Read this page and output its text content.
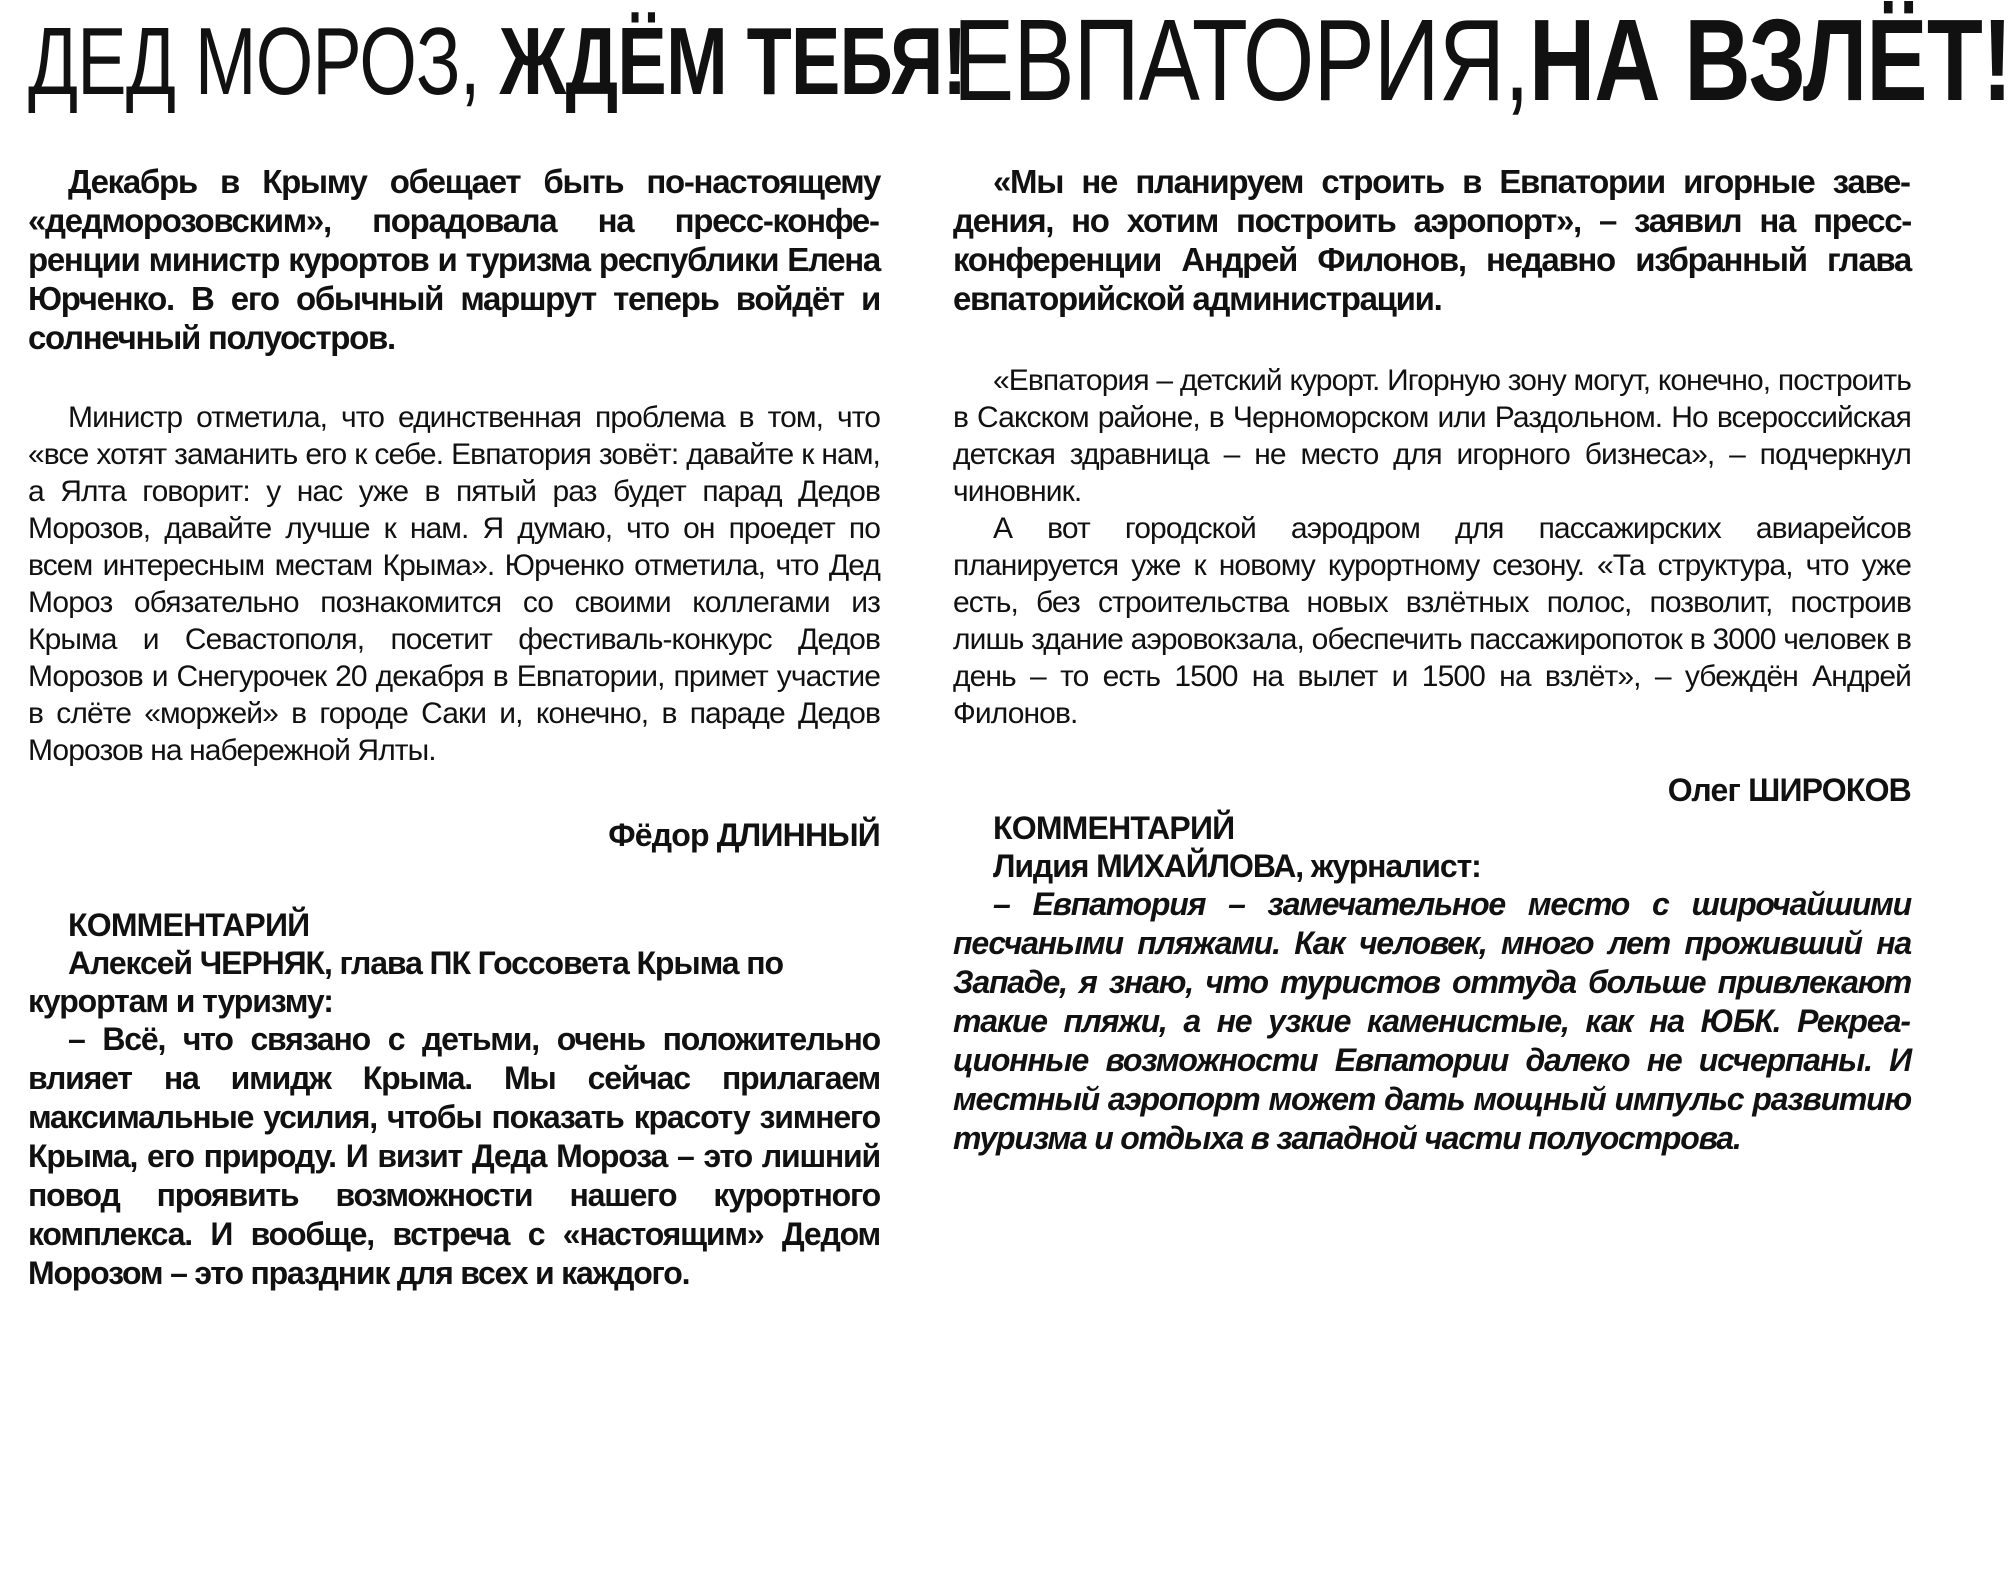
ДЕД МОРОЗ, ЖДЁМ ТЕБЯ!

Декабрь в Крыму обещает быть по-настоящему «дедморозовским», порадовала на пресс-конференции министр курортов и туризма республики Елена Юрченко. В его обычный маршрут теперь войдёт и солнечный полуостров.

Министр отметила, что единственная проблема в том, что «все хотят заманить его к себе. Евпатория зовёт: давайте к нам, а Ялта говорит: у нас уже в пятый раз будет парад Дедов Морозов, давайте лучше к нам. Я думаю, что он проедет по всем интересным местам Крыма». Юрченко отметила, что Дед Мороз обязательно познакомится со своими коллегами из Крыма и Севастополя, посетит фестиваль-конкурс Дедов Морозов и Снегурочек 20 декабря в Евпатории, примет участие в слёте «моржей» в городе Саки и, конечно, в параде Дедов Морозов на набережной Ялты.

Фёдор ДЛИННЫЙ

КОММЕНТАРИЙ

Алексей ЧЕРНЯК, глава ПК Госсовета Крыма по курортам и туризму:

– Всё, что связано с детьми, очень положительно влияет на имидж Крыма. Мы сейчас прилагаем максимальные усилия, чтобы показать красоту зимнего Крыма, его природу. И визит Деда Мороза – это лишний повод проявить возможности нашего курортного комплекса. И вообще, встреча с «настоящим» Дедом Морозом – это праздник для всех и каждого.

ЕВПАТОРИЯ,НА ВЗЛЁТ!

«Мы не планируем строить в Евпатории игорные заведения, но хотим построить аэропорт», – заявил на пресс-конференции Андрей Филонов, недавно избранный глава евпаторийской администрации.

«Евпатория – детский курорт. Игорную зону могут, конечно, построить в Сакском районе, в Черноморском или Раздольном. Но всероссийская детская здравница – не место для игорного бизнеса», – подчеркнул чиновник.

А вот городской аэродром для пассажирских авиарейсов планируется уже к новому курортному сезону. «Та структура, что уже есть, без строительства новых взлётных полос, позволит, построив лишь здание аэровокзала, обеспечить пассажиропоток в 3000 человек в день – то есть 1500 на вылет и 1500 на взлёт», – убеждён Андрей Филонов.

Олег ШИРОКОВ

КОММЕНТАРИЙ

Лидия МИХАЙЛОВА, журналист:

– Евпатория – замечательное место с широчайшими песчаными пляжами. Как человек, много лет проживший на Западе, я знаю, что туристов оттуда больше привлекают такие пляжи, а не узкие каменистые, как на ЮБК. Рекреационные возможности Евпатории далеко не исчерпаны. И местный аэропорт может дать мощный импульс развитию туризма и отдыха в западной части полуострова.
